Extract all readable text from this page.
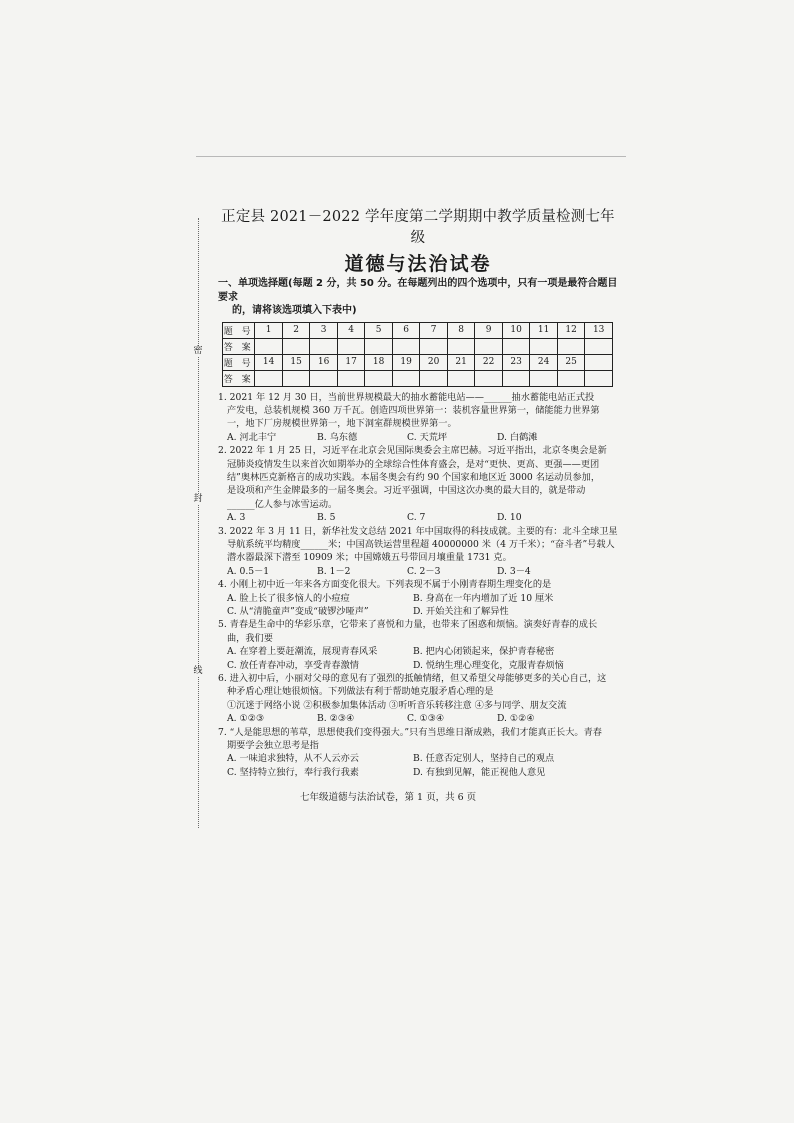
密
封
线

正定县 2021－2022 学年度第二学期期中教学质量检测七年级

道德与法治试卷

一、单项选择题(每题 2 分，共 50 分。在每题列出的四个选项中，只有一项是最符合题目要求
的，请将该选项填入下表中)

题 号	1	2	3	4	5	6	7	8	9	10	11	12	13
答 案													
题 号	14	15	16	17	18	19	20	21	22	23	24	25	
答 案													
1. 2021 年 12 月 30 日，当前世界规模最大的抽水蓄能电站——______抽水蓄能电站正式投
产发电，总装机规模 360 万千瓦。创造四项世界第一：装机容量世界第一，储能能力世界第
一，地下厂房规模世界第一，地下洞室群规模世界第一。
A. 河北丰宁	B. 乌东德	C. 天荒坪	D. 白鹤滩
2. 2022 年 1 月 25 日，习近平在北京会见国际奥委会主席巴赫。习近平指出，北京冬奥会是新
冠肺炎疫情发生以来首次如期举办的全球综合性体育盛会，是对“更快、更高、更强——更团
结”奥林匹克新格言的成功实践。本届冬奥会有约 90 个国家和地区近 3000 名运动员参加，
是设项和产生金牌最多的一届冬奥会。习近平强调，中国这次办奥的最大目的，就是带动
______亿人参与冰雪运动。
A. 3	B. 5	C. 7	D. 10
3. 2022 年 3 月 11 日，新华社发文总结 2021 年中国取得的科技成就。主要的有：北斗全球卫星
导航系统平均精度______米；中国高铁运营里程超 40000000 米（4 万千米）；“奋斗者”号载人
潜水器最深下潜至 10909 米；中国嫦娥五号带回月壤重量 1731 克。
A. 0.5－1	B. 1－2	C. 2－3	D. 3－4
4. 小刚上初中近一年来各方面变化很大。下列表现不属于小刚青春期生理变化的是
A. 脸上长了很多恼人的小痘痘	B. 身高在一年内增加了近 10 厘米
C. 从“清脆童声”变成“破锣沙哑声”	D. 开始关注和了解异性
5. 青春是生命中的华彩乐章，它带来了喜悦和力量，也带来了困惑和烦恼。演奏好青春的成长
曲，我们要
A. 在穿着上要赶潮流，展现青春风采	B. 把内心闭锁起来，保护青春秘密
C. 放任青春冲动，享受青春激情	D. 悦纳生理心理变化，克服青春烦恼
6. 进入初中后，小丽对父母的意见有了强烈的抵触情绪，但又希望父母能够更多的关心自己，这
种矛盾心理让她很烦恼。下列做法有利于帮助她克服矛盾心理的是
①沉迷于网络小说 ②积极参加集体活动 ③听听音乐转移注意 ④多与同学、朋友交流
A. ①②③	B. ②③④	C. ①③④	D. ①②④
7. “人是能思想的苇草，思想使我们变得强大。”只有当思维日渐成熟，我们才能真正长大。青春
期要学会独立思考是指
A. 一味追求独特，从不人云亦云	B. 任意否定别人，坚持自己的观点
C. 坚持特立独行，奉行我行我素	D. 有独到见解，能正视他人意见
七年级道德与法治试卷，第 1 页，共 6 页
